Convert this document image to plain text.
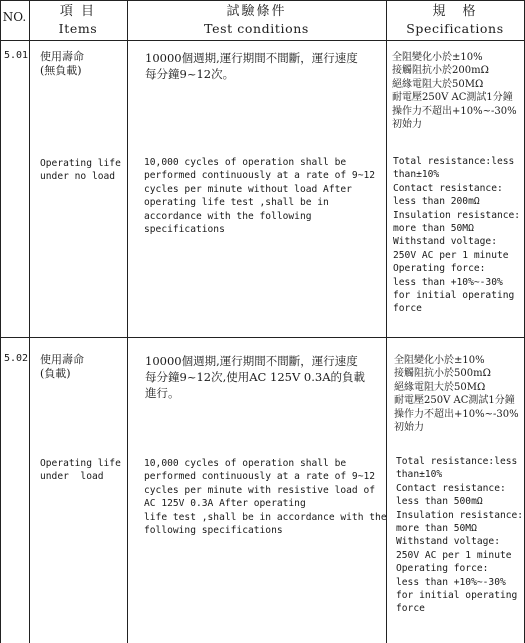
NO.	項 目
Items
試驗條件
Test conditions
規　格
Specifications
5.01 使用壽命
(無負載)
10000個週期,運行期間不間斷，運行速度
每分鐘9~12次。
全阻變化小於±10%
接觸阻抗小於200mΩ
絕緣電阻大於50MΩ
耐電壓250V AC測試1分鐘
操作力不超出+10%~-30%
初始力
Operating life
under no load
10,000 cycles of operation shall be
performed continuously at a rate of 9~12
cycles per minute without load After
operating life test ,shall be in
accordance with the following
specifications
Total resistance:less
than±10%
Contact resistance:
less than 200mΩ
Insulation resistance:
more than 50MΩ
Withstand voltage:
250V AC per 1 minute
Operating force:
less than +10%~-30%
for initial operating
force
5.02 使用壽命
(負載)
10000個週期,運行期間不間斷，運行速度
每分鐘9~12次,使用AC 125V 0.3A的負載
進行。
全阻變化小於±10%
接觸阻抗小於500mΩ
絕緣電阻大於50MΩ
耐電壓250V AC測試1分鐘
操作力不超出+10%~-30%
初始力
Operating life
under  load
10,000 cycles of operation shall be
performed continuously at a rate of 9~12
cycles per minute with resistive load of
AC 125V 0.3A After operating
life test ,shall be in accordance with the
following specifications
Total resistance:less
than±10%
Contact resistance:
less than 500mΩ
Insulation resistance:
more than 50MΩ
Withstand voltage:
250V AC per 1 minute
Operating force:
less than +10%~-30%
for initial operating
force
